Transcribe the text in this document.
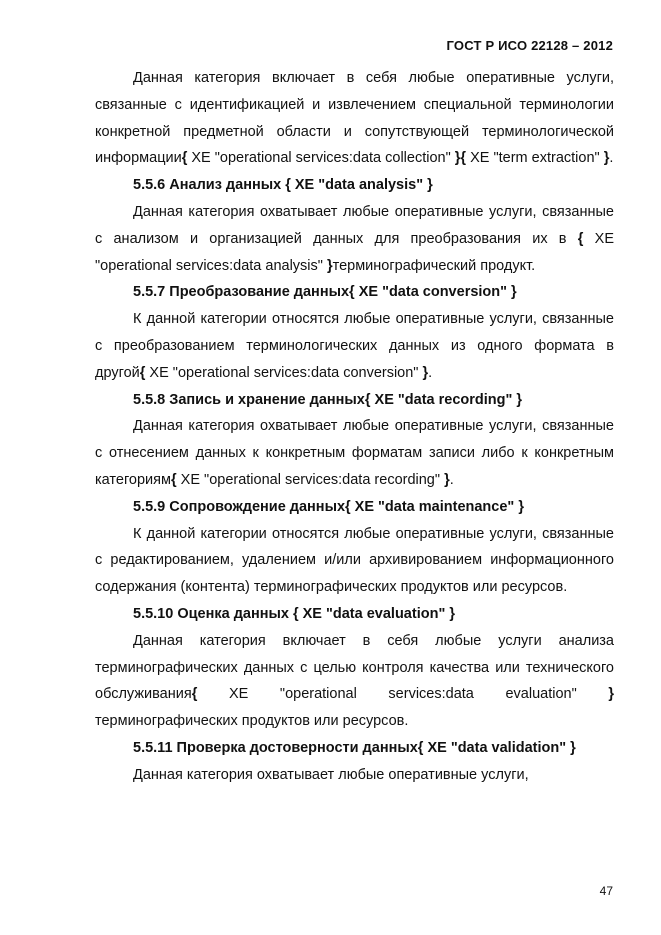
ГОСТ Р ИСО 22128 – 2012

Данная категория включает в себя любые оперативные услуги, связанные с идентификацией и извлечением специальной терминологии конкретной предметной области и сопутствующей терминологической информации{ XE "operational services:data collection" }{ XE "term extraction" }.

5.5.6 Анализ данных { XE "data analysis" }

Данная категория охватывает любые оперативные услуги, связанные с анализом и организацией данных для преобразования их в { XE "operational services:data analysis" }терминографический продукт.

5.5.7 Преобразование данных{ XE "data conversion" }

К данной категории относятся любые оперативные услуги, связанные с преобразованием терминологических данных из одного формата в другой{ XE "operational services:data conversion" }.

5.5.8 Запись и хранение данных{ XE "data recording" }

Данная категория охватывает любые оперативные услуги, связанные с отнесением данных к конкретным форматам записи либо к конкретным категориям{ XE "operational services:data recording" }.

5.5.9 Сопровождение данных{ XE "data maintenance" }

К данной категории относятся любые оперативные услуги, связанные с редактированием, удалением и/или архивированием информационного содержания (контента) терминографических продуктов или ресурсов.

5.5.10 Оценка данных { XE "data evaluation" }

Данная категория включает в себя любые услуги анализа терминографических данных с целью контроля качества или технического обслуживания{ XE "operational services:data evaluation" } терминографических продуктов или ресурсов.

5.5.11 Проверка достоверности данных{ XE "data validation" }

Данная категория охватывает любые оперативные услуги,

47
